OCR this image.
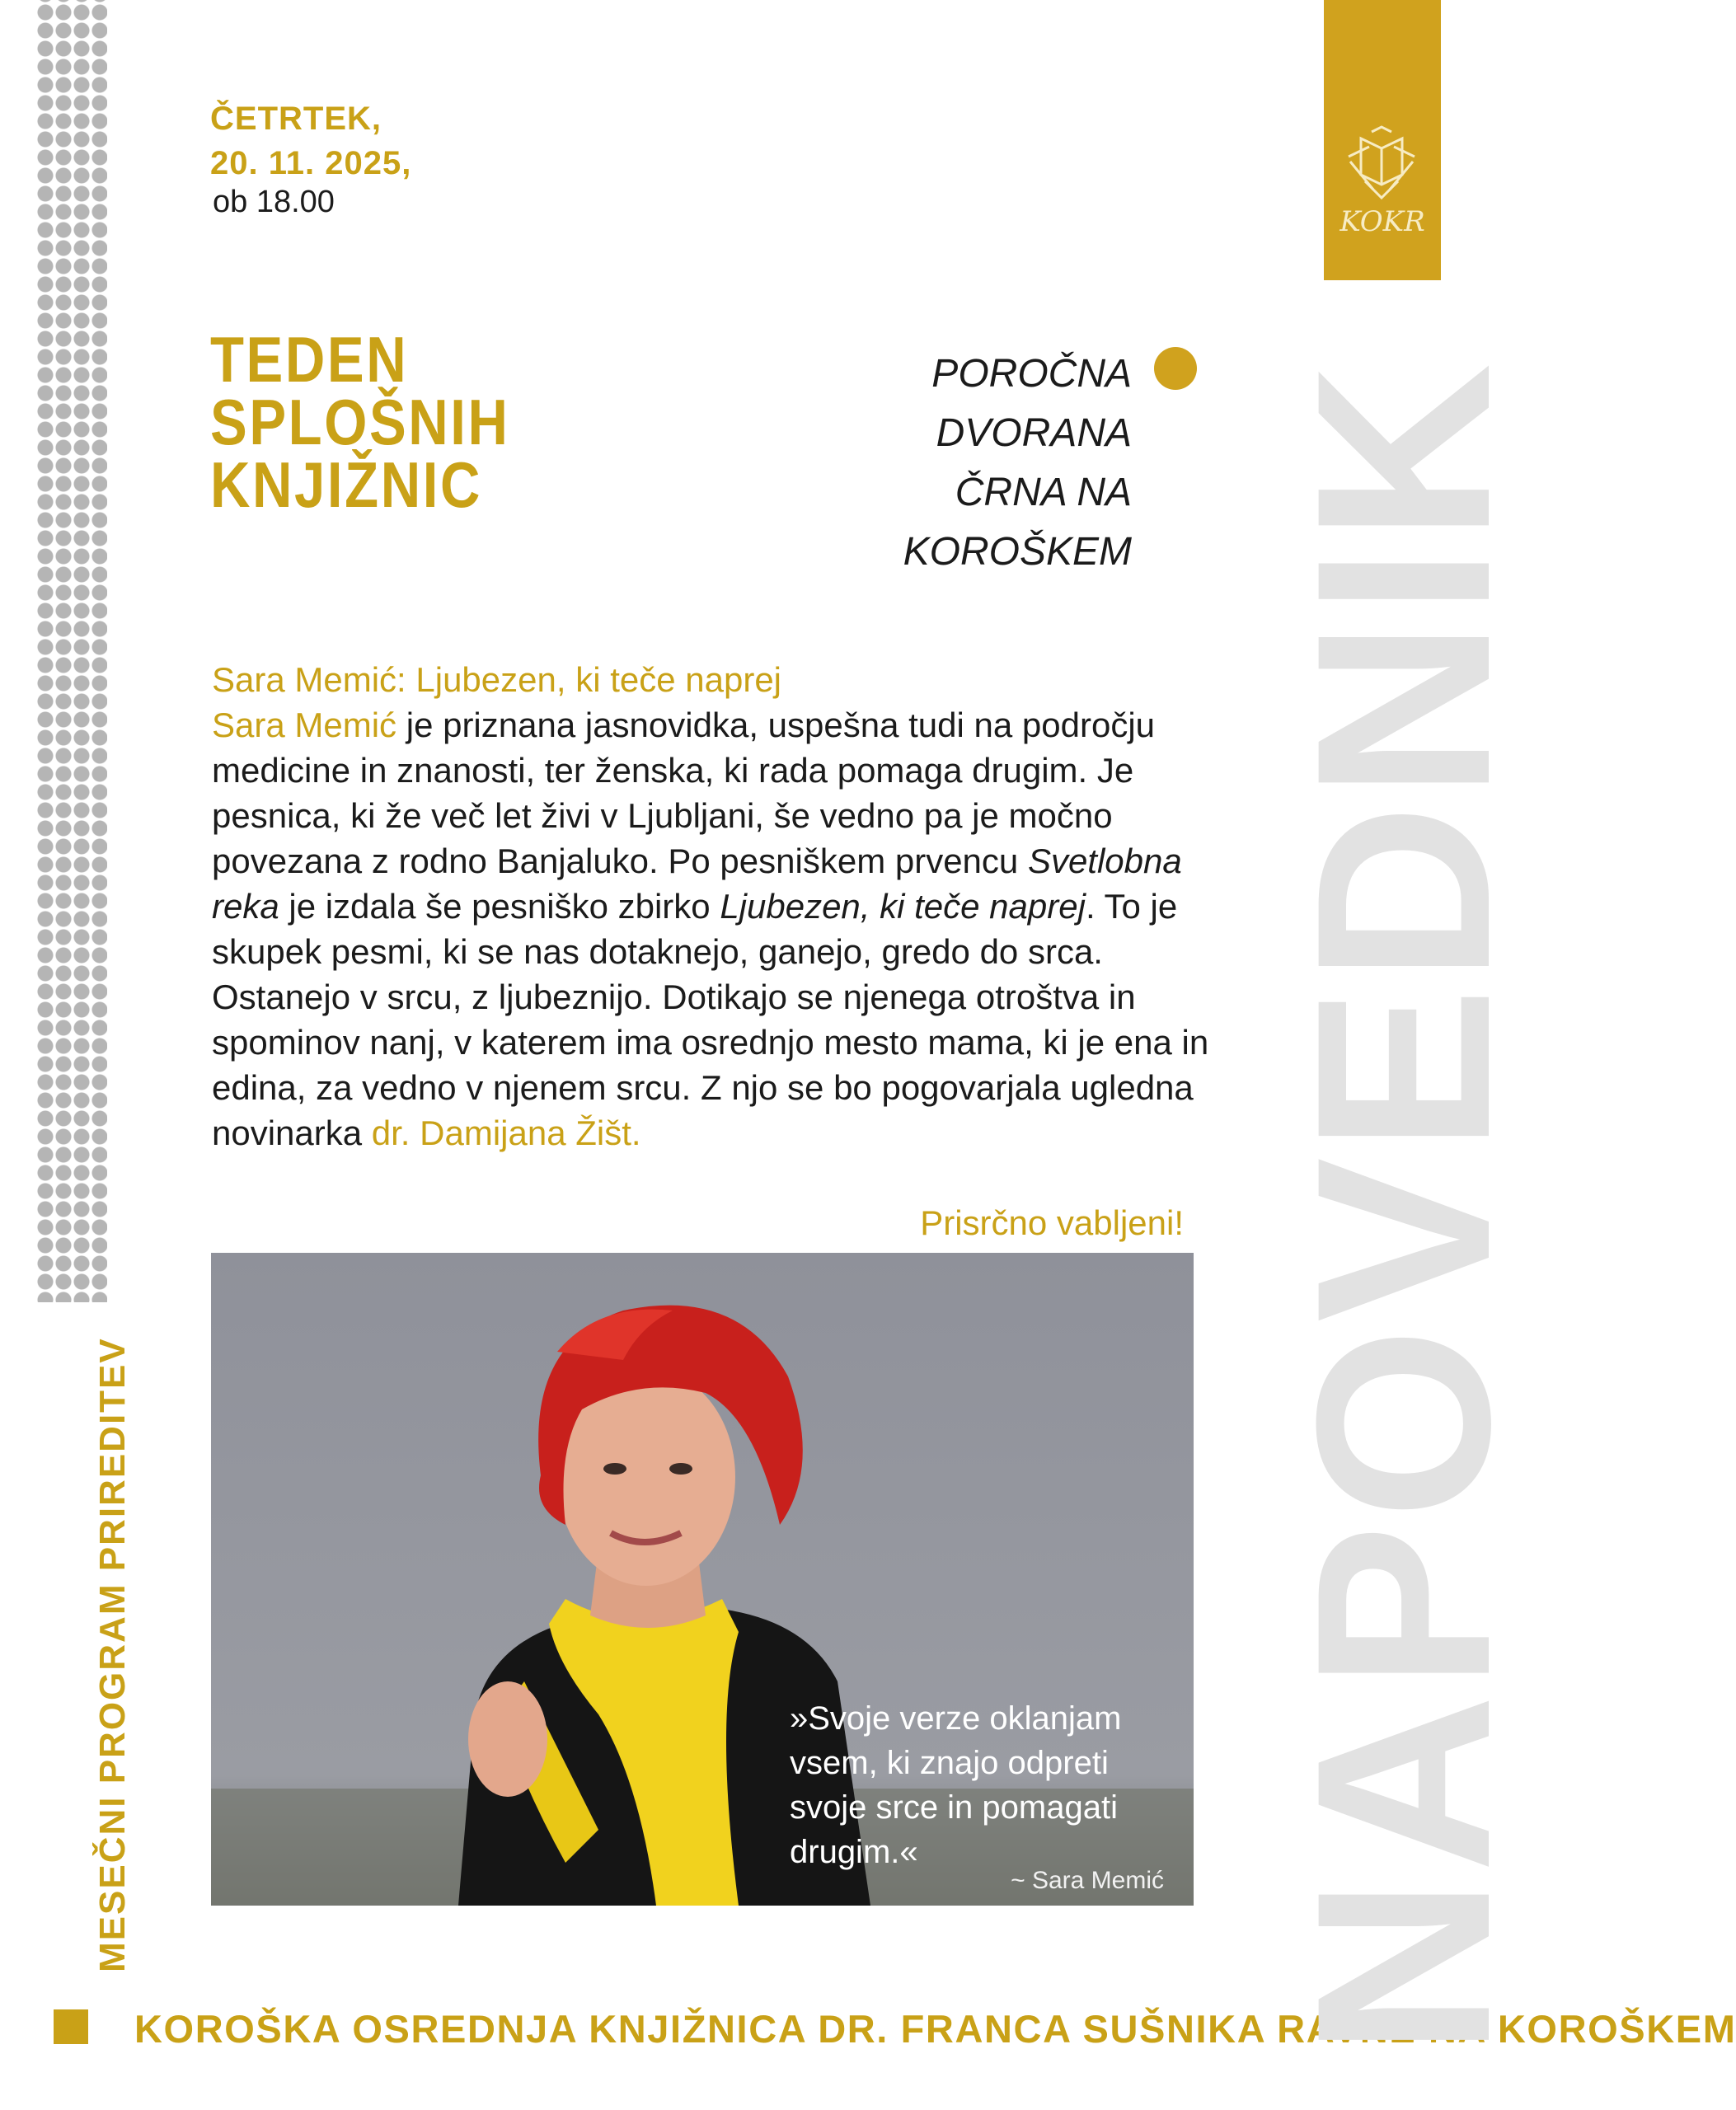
MESEČNI PROGRAM PRIREDITEV
KOROŠKA OSREDNJA KNJIŽNICA DR. FRANCA SUŠNIKA RAVNE NA KOROŠKEM
NAPOVEDNIK
KOKR
ČETRTEK,
20. 11. 2025,
ob 18.00
TEDEN
SPLOŠNIH
KNJIŽNIC
POROČNA
DVORANA
ČRNA NA
KOROŠKEM

Sara Memić: Ljubezen, ki teče naprej

Sara Memić je priznana jasnovidka, uspešna tudi na področju medicine in znanosti, ter ženska, ki rada pomaga drugim. Je pesnica, ki že več let živi v Ljubljani, še vedno pa je močno povezana z rodno Banjaluko. Po pesniškem prvencu Svetlobna reka je izdala še pesniško zbirko Ljubezen, ki teče naprej. To je skupek pesmi, ki se nas dotaknejo, ganejo, gredo do srca. Ostanejo v srcu, z ljubeznijo. Dotikajo se njenega otroštva in spominov nanj, v katerem ima osrednjo mesto mama, ki je ena in edina, za vedno v njenem srcu. Z njo se bo pogovarjala ugledna novinarka dr. Damijana Žišt.

Prisrčno vabljeni!
»Svoje verze oklanjam vsem, ki znajo odpreti svoje srce in pomagati drugim.«
~ Sara Memić
